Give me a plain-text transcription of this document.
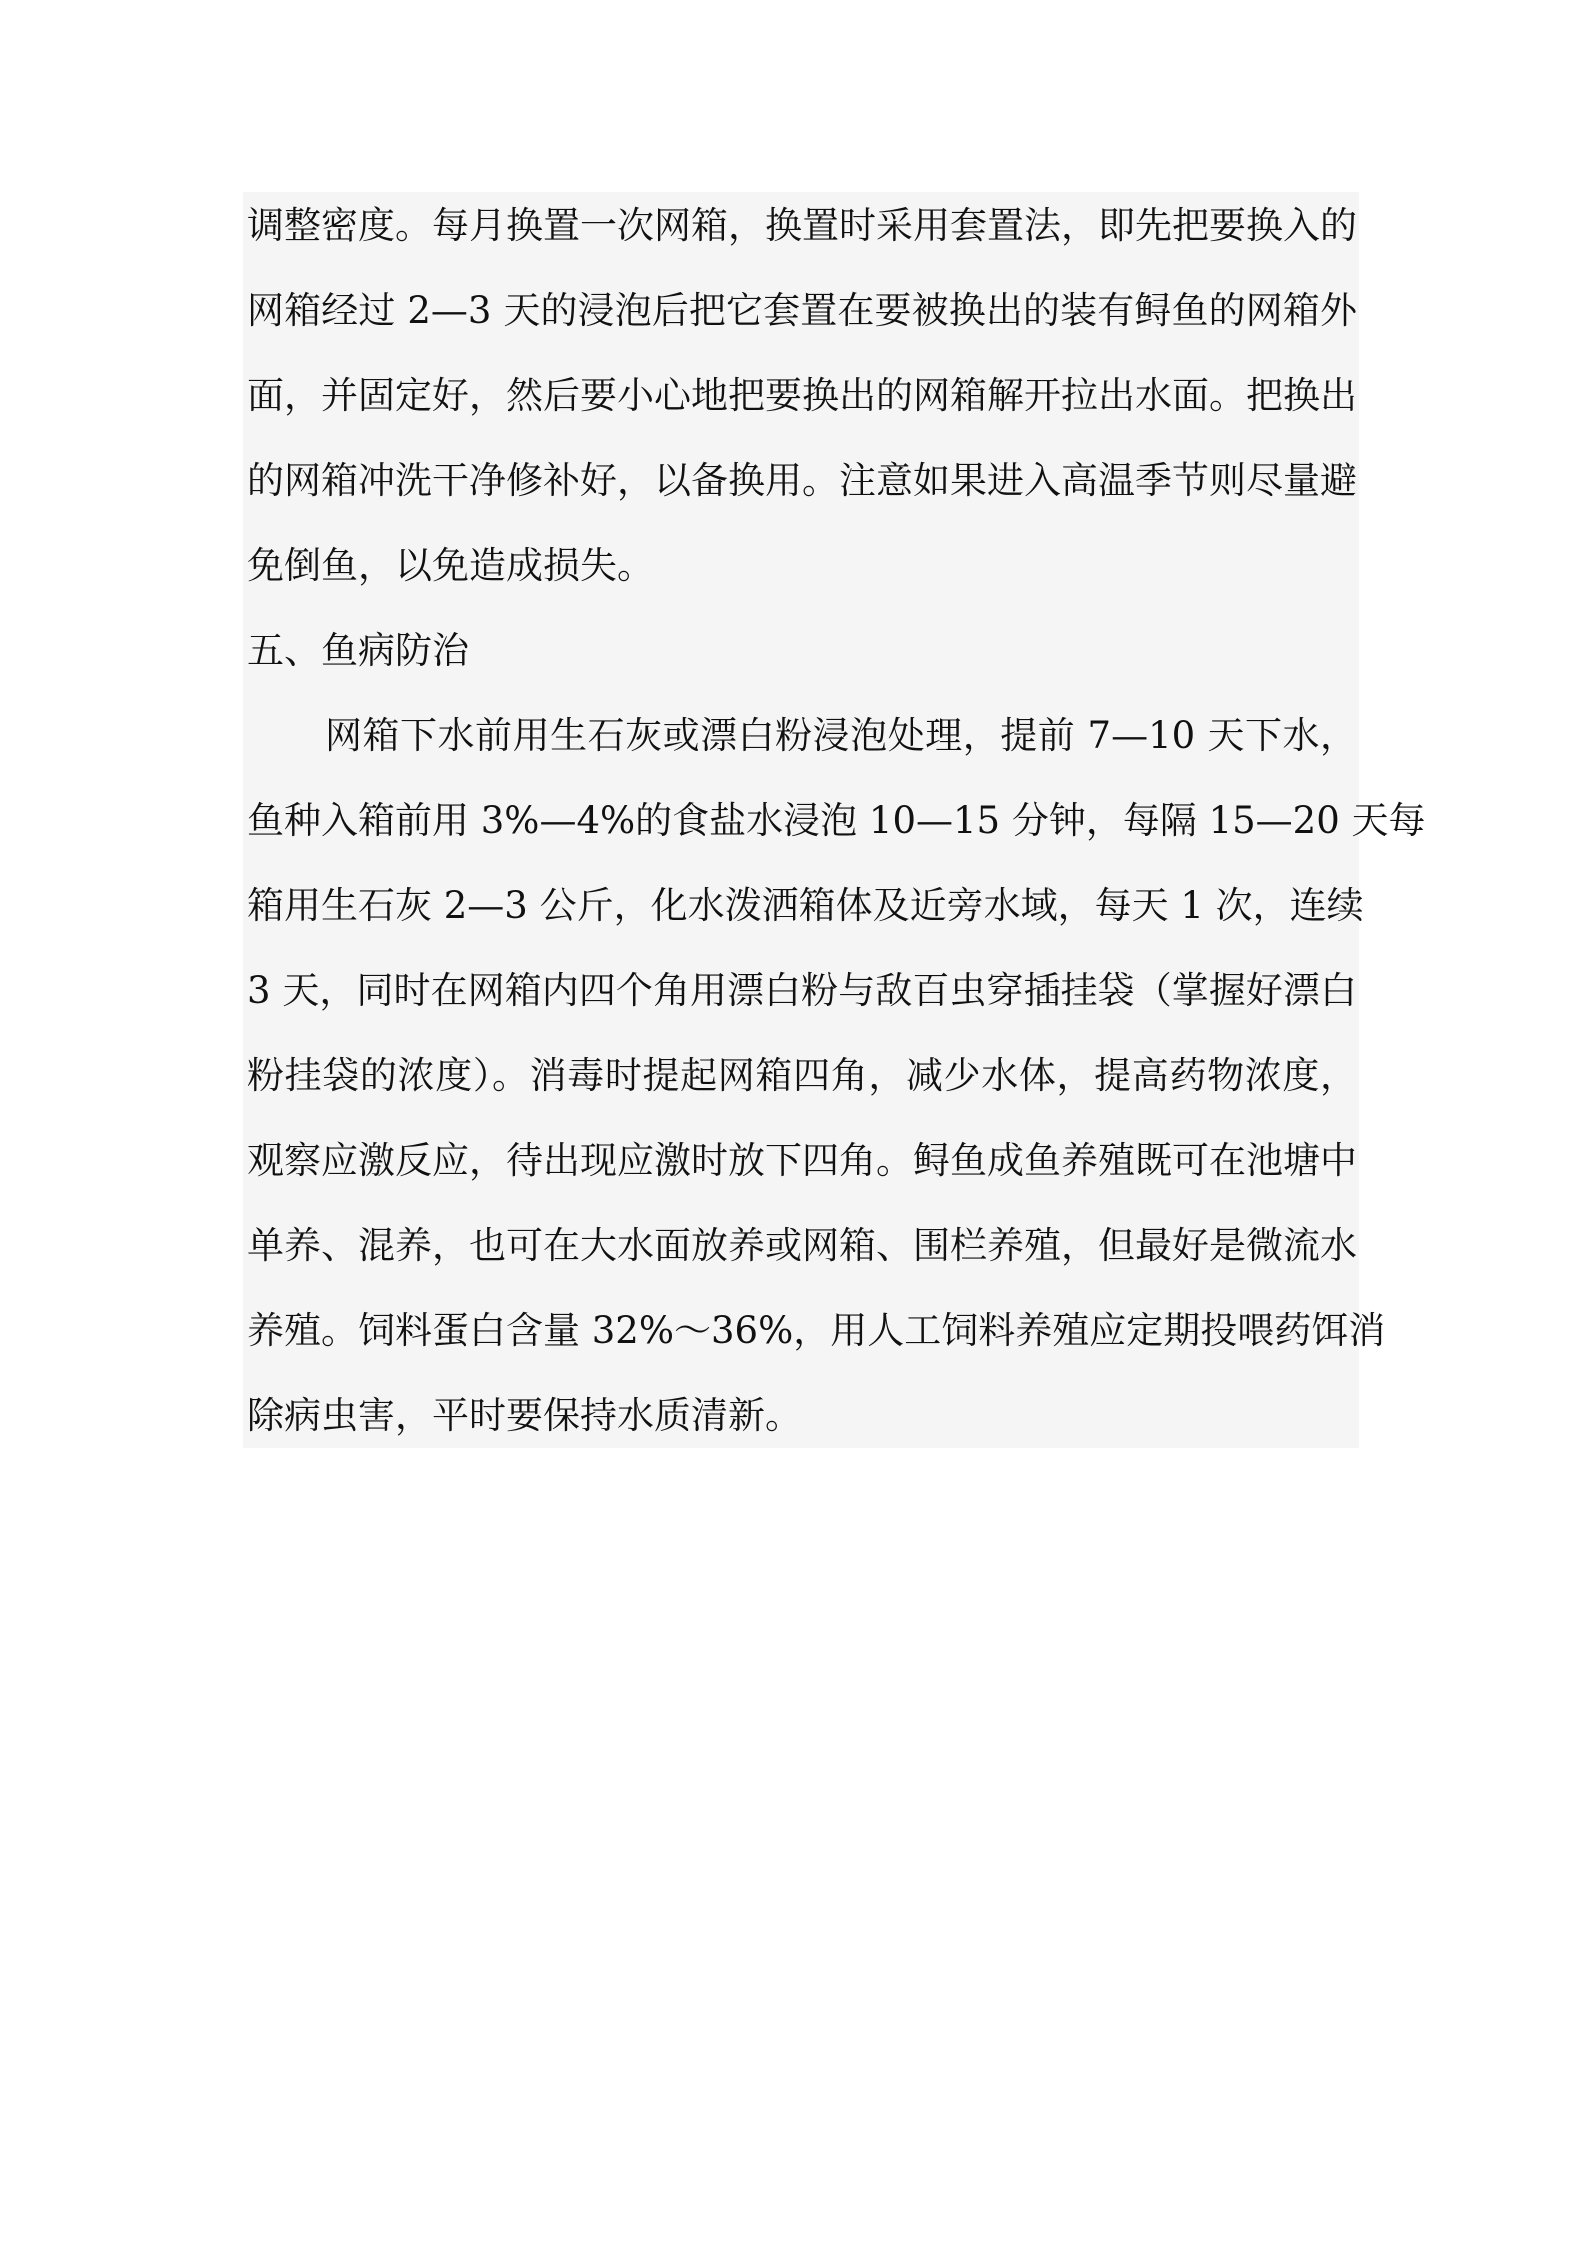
调整密度。每月换置一次网箱，换置时采用套置法，即先把要换入的
网箱经过 2—3 天的浸泡后把它套置在要被换出的装有鲟鱼的网箱外
面，并固定好，然后要小心地把要换出的网箱解开拉出水面。把换出
的网箱冲洗干净修补好，以备换用。注意如果进入高温季节则尽量避
免倒鱼，以免造成损失。
五、鱼病防治
网箱下水前用生石灰或漂白粉浸泡处理，提前 7—10 天下水，
鱼种入箱前用 3%—4%的食盐水浸泡 10—15 分钟，每隔 15—20 天每
箱用生石灰 2—3 公斤，化水泼洒箱体及近旁水域，每天 1 次，连续
3 天，同时在网箱内四个角用漂白粉与敌百虫穿插挂袋（掌握好漂白
粉挂袋的浓度）。消毒时提起网箱四角，减少水体，提高药物浓度，
观察应激反应，待出现应激时放下四角。鲟鱼成鱼养殖既可在池塘中
单养、混养，也可在大水面放养或网箱、围栏养殖，但最好是微流水
养殖。饲料蛋白含量 32%～36%，用人工饲料养殖应定期投喂药饵消
除病虫害，平时要保持水质清新。
